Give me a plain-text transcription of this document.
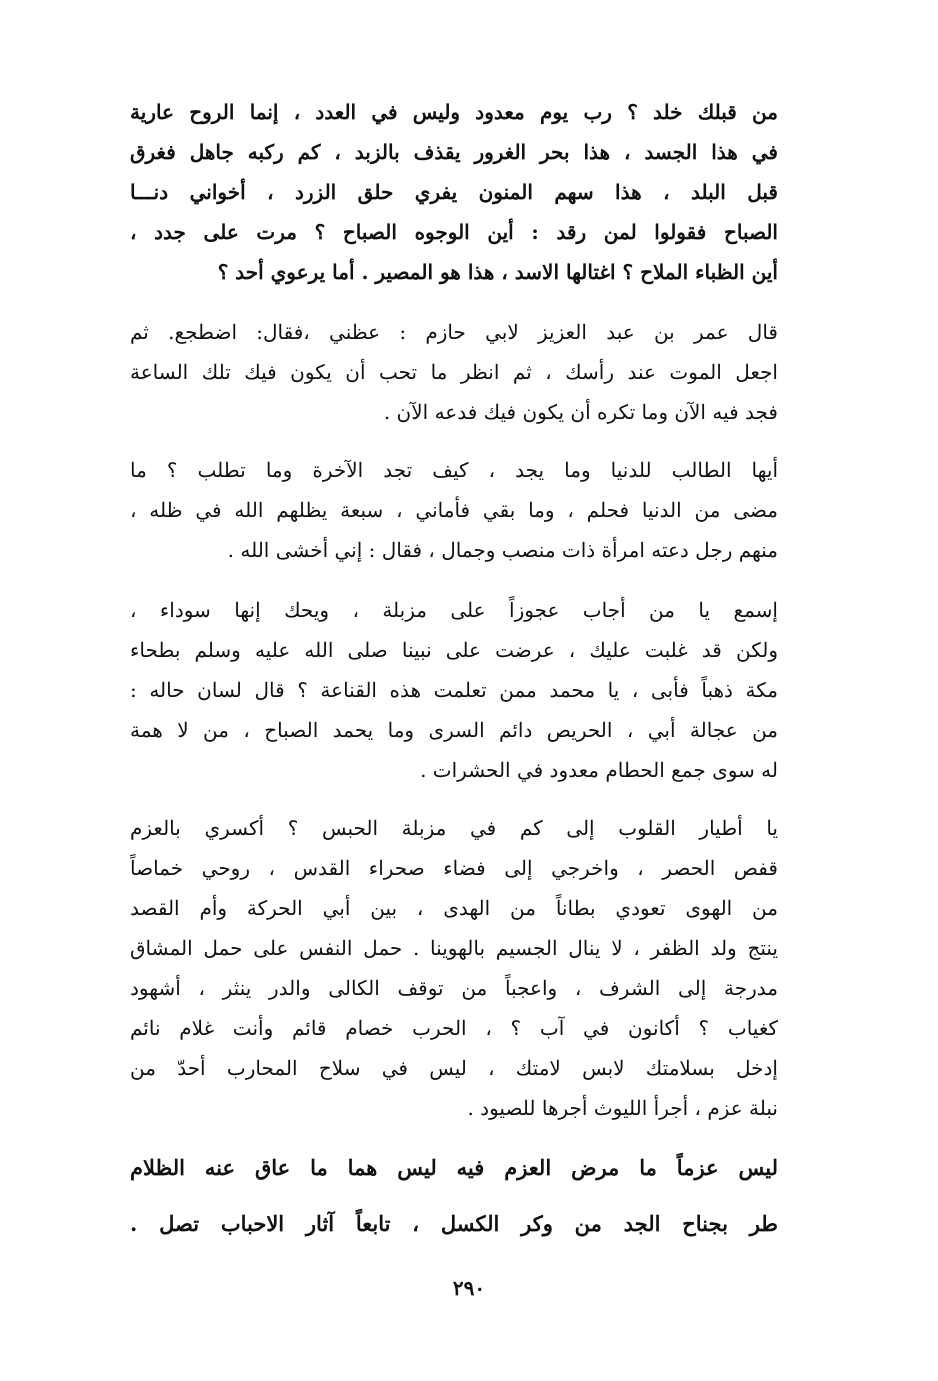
من قبلك خلد ؟ رب يوم معدود وليس في العدد ، إنما الروح عارية
في هذا الجسد ، هذا بحر الغرور يقذف بالزبد ، كم ركبه جاهل فغرق
قبل البلد ، هذا سهم المنون يفري حلق الزرد ، أخواني دنـــا
الصباح فقولوا لمن رقد : أين الوجوه الصباح ؟ مرت على جدد ،
أين الظباء الملاح ؟ اغتالها الاسد ، هذا هو المصير . أما يرعوي أحد ؟
قال عمر بن عبد العزيز لابي حازم : عظني ،فقال: اضطجع. ثم
اجعل الموت عند رأسك ، ثم انظر ما تحب أن يكون فيك تلك الساعة
فجد فيه الآن وما تكره أن يكون فيك فدعه الآن .
أيها الطالب للدنيا وما يجد ، كيف تجد الآخرة وما تطلب ؟ ما
مضى من الدنيا فحلم ، وما بقي فأماني ، سبعة يظلهم الله في ظله ،
منهم رجل دعته امرأة ذات منصب وجمال ، فقال : إني أخشى الله .
إسمع يا من أجاب عجوزاً على مزبلة ، ويحك إنها سوداء ،
ولكن قد غلبت عليك ، عرضت على نبينا صلى الله عليه وسلم بطحاء
مكة ذهباً فأبى ، يا محمد ممن تعلمت هذه القناعة ؟ قال لسان حاله :
من عجالة أبي ، الحريص دائم السرى وما يحمد الصباح ، من لا همة
له سوى جمع الحطام معدود في الحشرات .
يا أطيار القلوب إلى كم في مزبلة الحبس ؟ أكسري بالعزم
قفص الحصر ، واخرجي إلى فضاء صحراء القدس ، روحي خماصاً
من الهوى تعودي بطاناً من الهدى ، بين أبي الحركة وأم القصد
ينتج ولد الظفر ، لا ينال الجسيم بالهوينا . حمل النفس على حمل المشاق
مدرجة إلى الشرف ، واعجباً من توقف الكالى والدر ينثر ، أشهود
كغياب ؟ أكانون في آب ؟ ، الحرب خصام قائم وأنت غلام نائم
إدخل بسلامتك لابس لامتك ، ليس في سلاح المحارب أحدّ من
نبلة عزم ، أجرأ الليوث أجرها للصيود .
ليس عزماً ما مرض العزم فيه ليس هما ما عاق عنه الظلام
طر بجناح الجد من وكر الكسل ، تابعاً آثار الاحباب تصل .
٢٩٠
